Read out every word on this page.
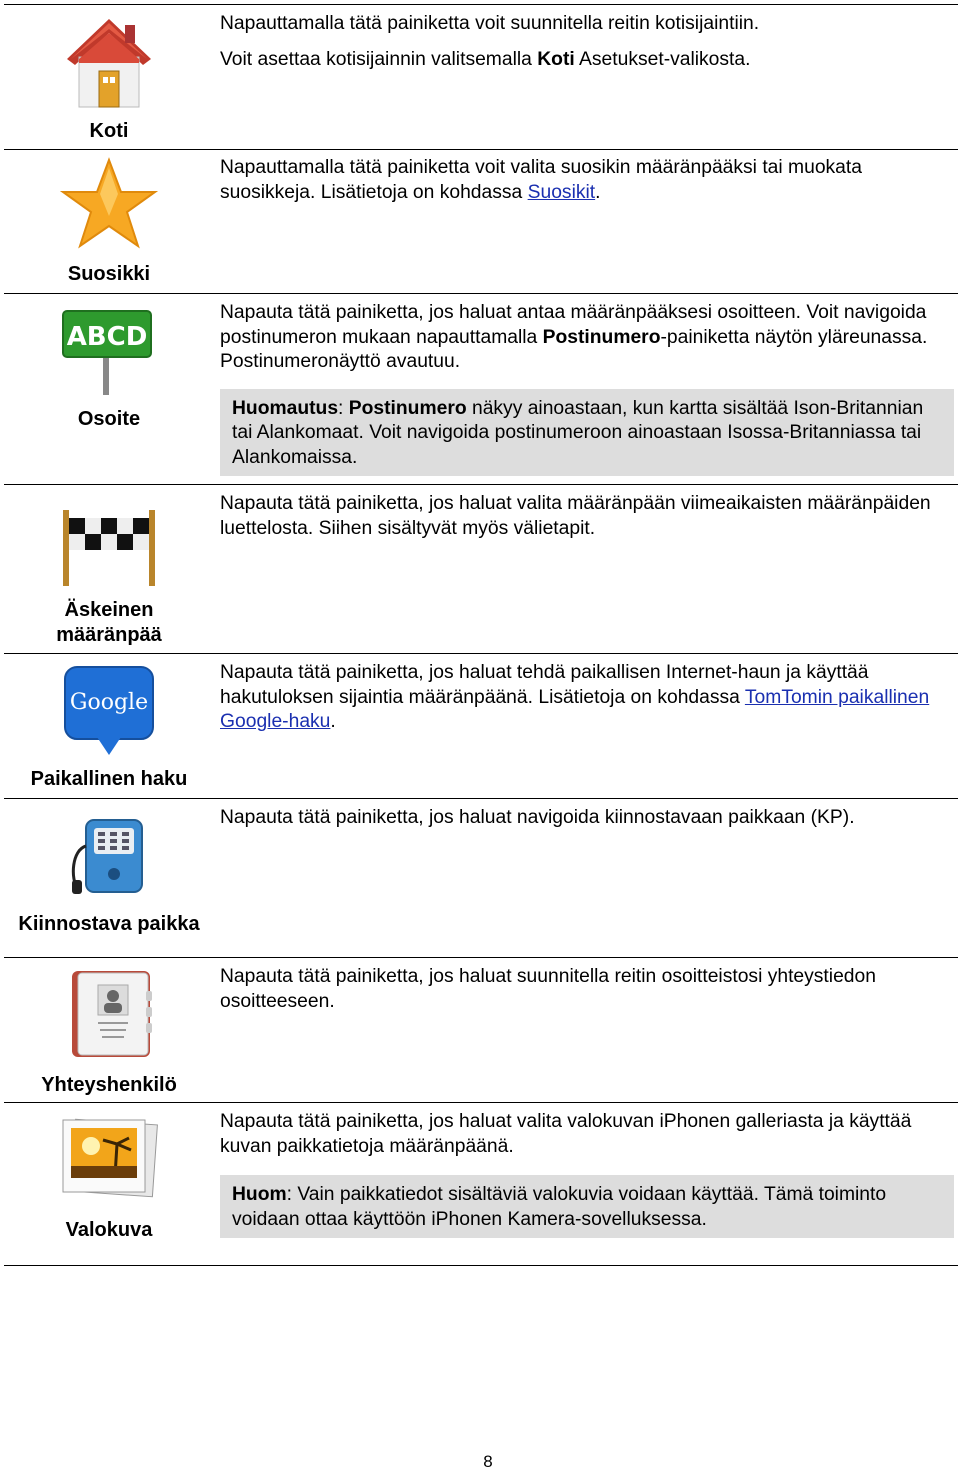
Koti

Napauttamalla tätä painiketta voit suunnitella reitin kotisijaintiin.

Voit asettaa kotisijainnin valitsemalla Koti Asetukset-valikosta.

Suosikki

Napauttamalla tätä painiketta voit valita suosikin määränpääksi tai muokata suosikkeja. Lisätietoja on kohdassa Suosikit.

ABCD
Osoite

Napauta tätä painiketta, jos haluat antaa määränpääksesi osoitteen. Voit navigoida postinumeron mukaan napauttamalla Postinumero-painiketta näytön yläreunassa. Postinumeronäyttö avautuu.

Huomautus: Postinumero näkyy ainoastaan, kun kartta sisältää Ison-Britannian tai Alankomaat. Voit navigoida postinumeroon ainoastaan Isossa-Britanniassa tai Alankomaissa.
Äskeinen
määränpää

Napauta tätä painiketta, jos haluat valita määränpään viimeaikaisten määränpäiden luettelosta. Siihen sisältyvät myös välietapit.

Google
Paikallinen haku

Napauta tätä painiketta, jos haluat tehdä paikallisen Internet-haun ja käyttää hakutuloksen sijaintia määränpäänä. Lisätietoja on kohdassa TomTomin paikallinen Google-haku.

Kiinnostava paikka

Napauta tätä painiketta, jos haluat navigoida kiinnostavaan paikkaan (KP).

Yhteyshenkilö

Napauta tätä painiketta, jos haluat suunnitella reitin osoitteistosi yhteystiedon osoitteeseen.

Valokuva

Napauta tätä painiketta, jos haluat valita valokuvan iPhonen galleriasta ja käyttää kuvan paikkatietoja määränpäänä.

Huom: Vain paikkatiedot sisältäviä valokuvia voidaan käyttää. Tämä toiminto voidaan ottaa käyttöön iPhonen Kamera-sovelluksessa.
8
